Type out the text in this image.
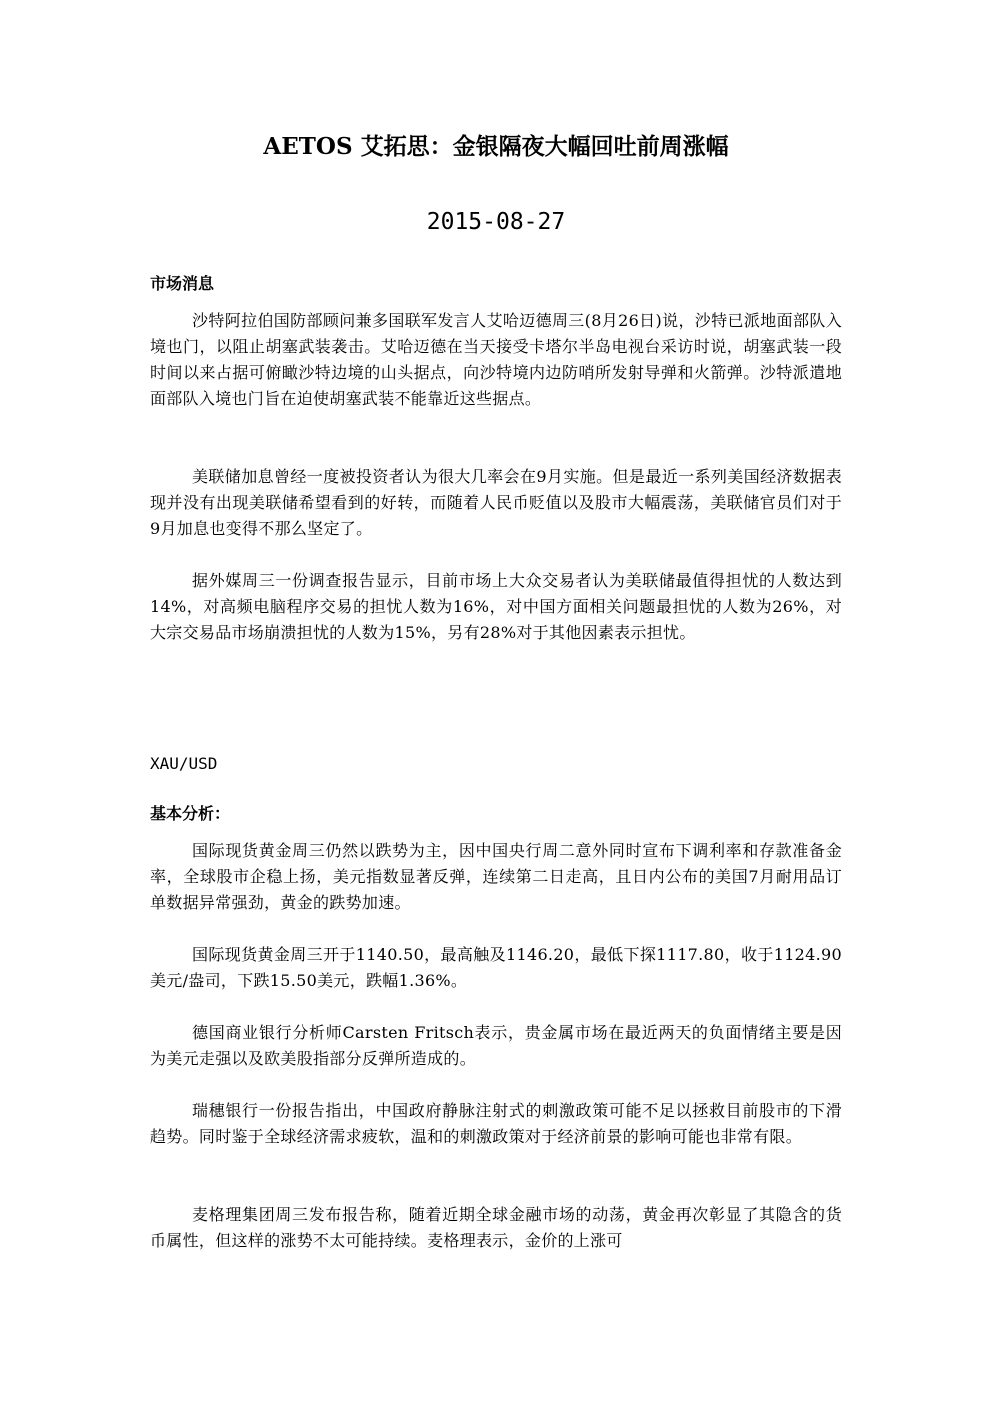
AETOS 艾拓思：金银隔夜大幅回吐前周涨幅
2015-08-27
市场消息

沙特阿拉伯国防部顾问兼多国联军发言人艾哈迈德周三(8月26日)说，沙特已派地面部队入境也门，以阻止胡塞武装袭击。艾哈迈德在当天接受卡塔尔半岛电视台采访时说，胡塞武装一段时间以来占据可俯瞰沙特边境的山头据点，向沙特境内边防哨所发射导弹和火箭弹。沙特派遣地面部队入境也门旨在迫使胡塞武装不能靠近这些据点。

美联储加息曾经一度被投资者认为很大几率会在9月实施。但是最近一系列美国经济数据表现并没有出现美联储希望看到的好转，而随着人民币贬值以及股市大幅震荡，美联储官员们对于9月加息也变得不那么坚定了。

据外媒周三一份调查报告显示，目前市场上大众交易者认为美联储最值得担忧的人数达到14%，对高频电脑程序交易的担忧人数为16%，对中国方面相关问题最担忧的人数为26%，对大宗交易品市场崩溃担忧的人数为15%，另有28%对于其他因素表示担忧。

XAU/USD
基本分析：

国际现货黄金周三仍然以跌势为主，因中国央行周二意外同时宣布下调利率和存款准备金率，全球股市企稳上扬，美元指数显著反弹，连续第二日走高，且日内公布的美国7月耐用品订单数据异常强劲，黄金的跌势加速。

国际现货黄金周三开于1140.50，最高触及1146.20，最低下探1117.80，收于1124.90美元/盎司，下跌15.50美元，跌幅1.36%。

德国商业银行分析师Carsten Fritsch表示，贵金属市场在最近两天的负面情绪主要是因为美元走强以及欧美股指部分反弹所造成的。

瑞穗银行一份报告指出，中国政府静脉注射式的刺激政策可能不足以拯救目前股市的下滑趋势。同时鉴于全球经济需求疲软，温和的刺激政策对于经济前景的影响可能也非常有限。

麦格理集团周三发布报告称，随着近期全球金融市场的动荡，黄金再次彰显了其隐含的货币属性，但这样的涨势不太可能持续。麦格理表示，金价的上涨可
